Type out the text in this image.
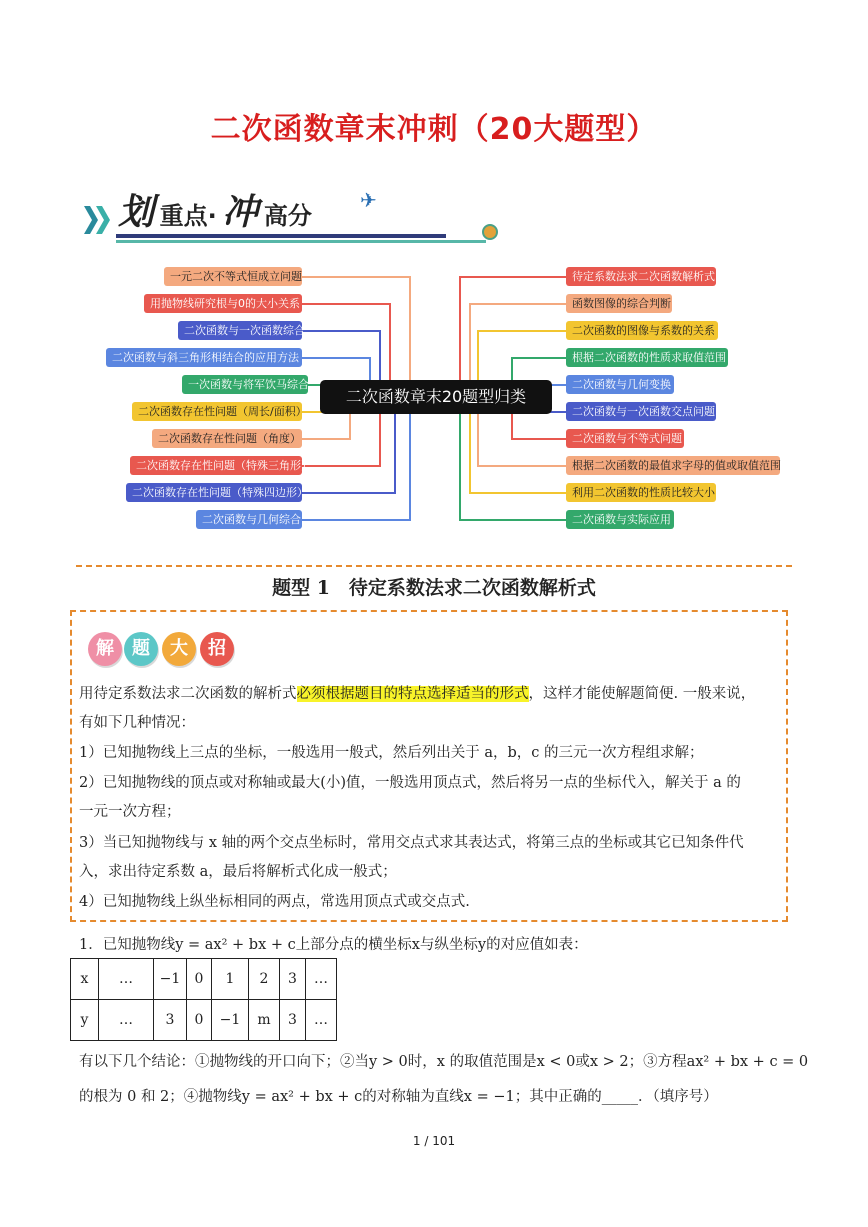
二次函数章末冲刺（20大题型）
划 重点· 冲 高分
✈
一元二次不等式恒成立问题
用抛物线研究根与0的大小关系
二次函数与一次函数综合
二次函数与斜三角形相结合的应用方法
一次函数与将军饮马综合
二次函数存在性问题（周长/面积）
二次函数存在性问题（角度）
二次函数存在性问题（特殊三角形）
二次函数存在性问题（特殊四边形）
二次函数与几何综合
待定系数法求二次函数解析式
函数图像的综合判断
二次函数的图像与系数的关系
根据二次函数的性质求取值范围
二次函数与几何变换
二次函数与一次函数交点问题
二次函数与不等式问题
根据二次函数的最值求字母的值或取值范围
利用二次函数的性质比较大小
二次函数与实际应用
二次函数章末20题型归类
题型 1　待定系数法求二次函数解析式
解	题	大	招
用待定系数法求二次函数的解析式必须根据题目的特点选择适当的形式，这样才能使解题简便. 一般来说，
有如下几种情况：
1）已知抛物线上三点的坐标，一般选用一般式，然后列出关于 a，b，c 的三元一次方程组求解；
2）已知抛物线的顶点或对称轴或最大(小)值，一般选用顶点式，然后将另一点的坐标代入，解关于 a 的
一元一次方程；
3）当已知抛物线与 x 轴的两个交点坐标时，常用交点式求其表达式，将第三点的坐标或其它已知条件代
入，求出待定系数 a，最后将解析式化成一般式；
4）已知抛物线上纵坐标相同的两点，常选用顶点式或交点式.
1．已知抛物线y = ax² + bx + c上部分点的横坐标x与纵坐标y的对应值如表：
x	…	−1	0	1	2	3	…
y	…	3	0	−1	m	3	…
有以下几个结论：①抛物线的开口向下；②当y > 0时，x 的取值范围是x < 0或x > 2；③方程ax² + bx + c = 0
的根为 0 和 2；④抛物线y = ax² + bx + c的对称轴为直线x = −1；其中正确的_____．（填序号）
1 / 101
